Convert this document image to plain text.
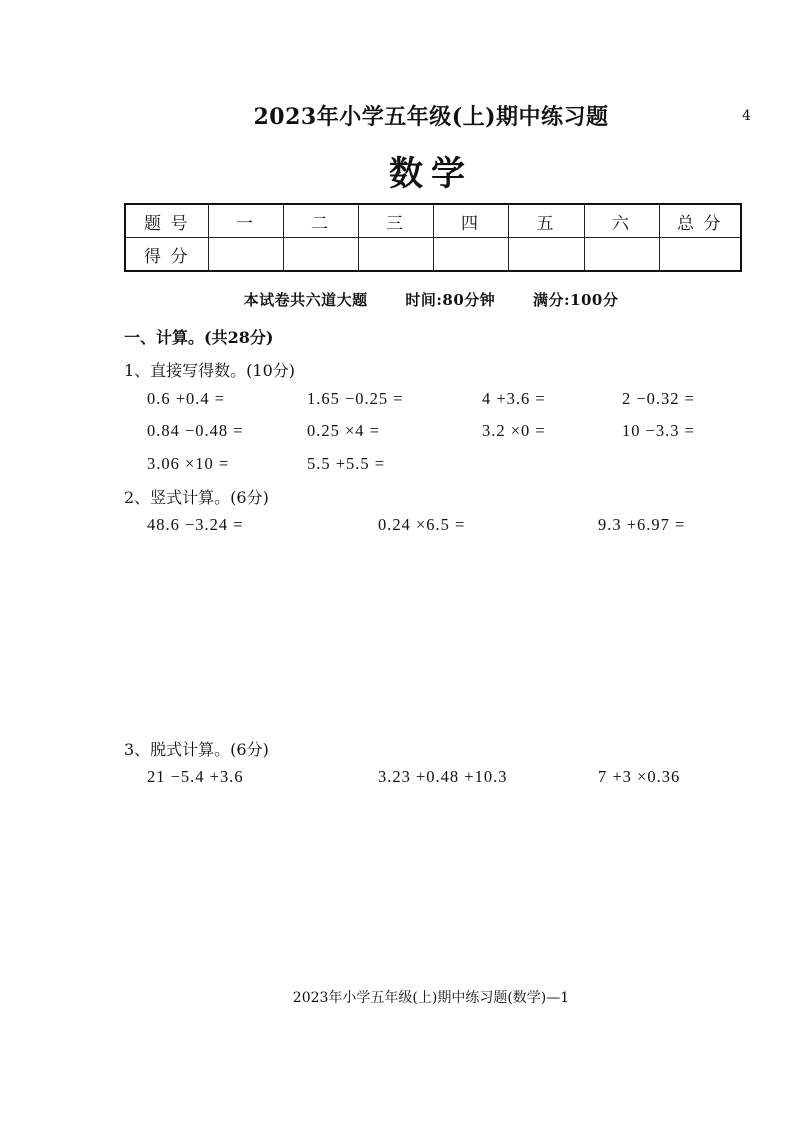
2023年小学五年级(上)期中练习题	4
数学
题 号	一	二	三	四	五	六	总 分
得 分							
本试卷共六道大题	时间:80分钟	满分:100分
一、计算。(共28分)
1、直接写得数。(10分)
0.6 +0.4 =	1.65 −0.25 =	4 +3.6 =	2 −0.32 =
0.84 −0.48 =	0.25 ×4 =	3.2 ×0 =	10 −3.3 =
3.06 ×10 =	5.5 +5.5 =
2、竖式计算。(6分)
48.6 −3.24 =	0.24 ×6.5 =	9.3 +6.97 =
3、脱式计算。(6分)
21 −5.4 +3.6	3.23 +0.48 +10.3	7 +3 ×0.36
2023年小学五年级(上)期中练习题(数学)—1
